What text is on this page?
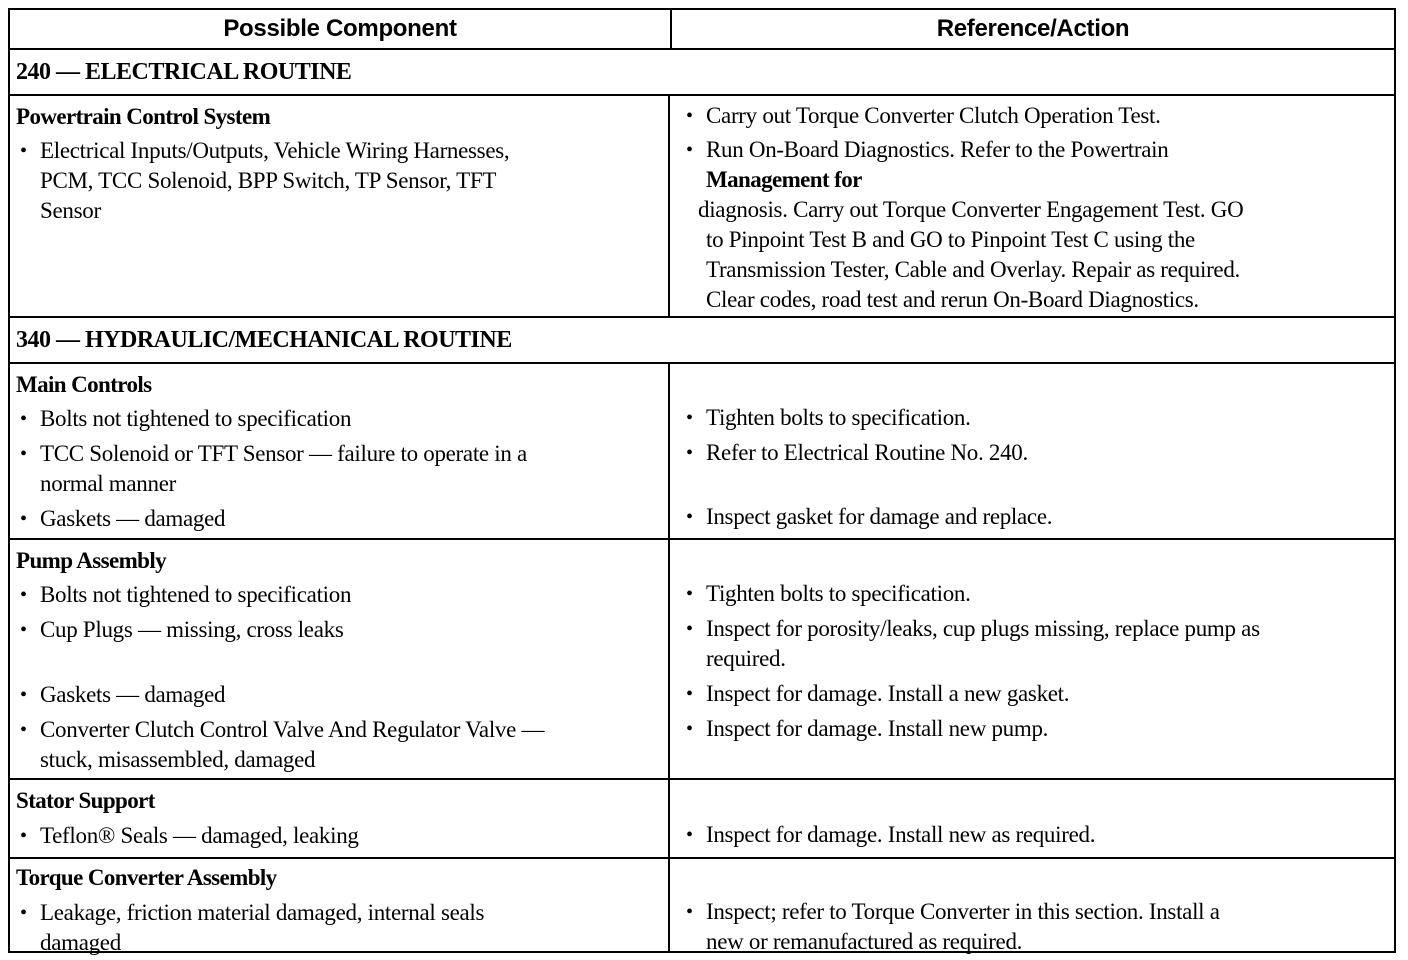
Possible Component	Reference/Action
240 — ELECTRICAL ROUTINE
Powertrain Control System
• Electrical Inputs/Outputs, Vehicle Wiring Harnesses,
PCM, TCC Solenoid, BPP Switch, TP Sensor, TFT
Sensor
• Carry out Torque Converter Clutch Operation Test.
• Run On-Board Diagnostics. Refer to the Powertrain
Management for
diagnosis. Carry out Torque Converter Engagement Test. GO
to Pinpoint Test B and GO to Pinpoint Test C using the
Transmission Tester, Cable and Overlay. Repair as required.
Clear codes, road test and rerun On-Board Diagnostics.
340 — HYDRAULIC/MECHANICAL ROUTINE
Main Controls
• Bolts not tightened to specification
• TCC Solenoid or TFT Sensor — failure to operate in a
normal manner
• Gaskets — damaged
• Tighten bolts to specification.
• Refer to Electrical Routine No. 240.
• Inspect gasket for damage and replace.
Pump Assembly
• Bolts not tightened to specification
• Cup Plugs — missing, cross leaks
• Gaskets — damaged
• Converter Clutch Control Valve And Regulator Valve —
stuck, misassembled, damaged
• Tighten bolts to specification.
• Inspect for porosity/leaks, cup plugs missing, replace pump as
required.
• Inspect for damage. Install a new gasket.
• Inspect for damage. Install new pump.
Stator Support
• Teflon® Seals — damaged, leaking	• Inspect for damage. Install new as required.
Torque Converter Assembly
• Leakage, friction material damaged, internal seals
damaged
• Inspect; refer to Torque Converter in this section. Install a
new or remanufactured as required.
